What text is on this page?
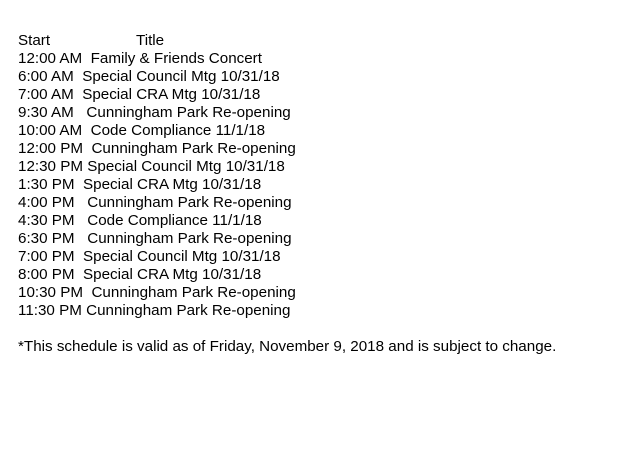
Start

	Title

12:00 AM Family & Friends Concert
6:00 AM Special Council Mtg 10/31/18
7:00 AM Special CRA Mtg 10/31/18
9:30 AM Cunningham Park Re-opening
10:00 AM Code Compliance 11/1/18
12:00 PM Cunningham Park Re-opening
12:30 PM Special Council Mtg 10/31/18
1:30 PM Special CRA Mtg 10/31/18
4:00 PM Cunningham Park Re-opening
4:30 PM Code Compliance 11/1/18
6:30 PM Cunningham Park Re-opening
7:00 PM Special Council Mtg 10/31/18
8:00 PM Special CRA Mtg 10/31/18
10:30 PM Cunningham Park Re-opening
11:30 PM Cunningham Park Re-opening
*This schedule is valid as of Friday, November 9, 2018 and is subject to change.
